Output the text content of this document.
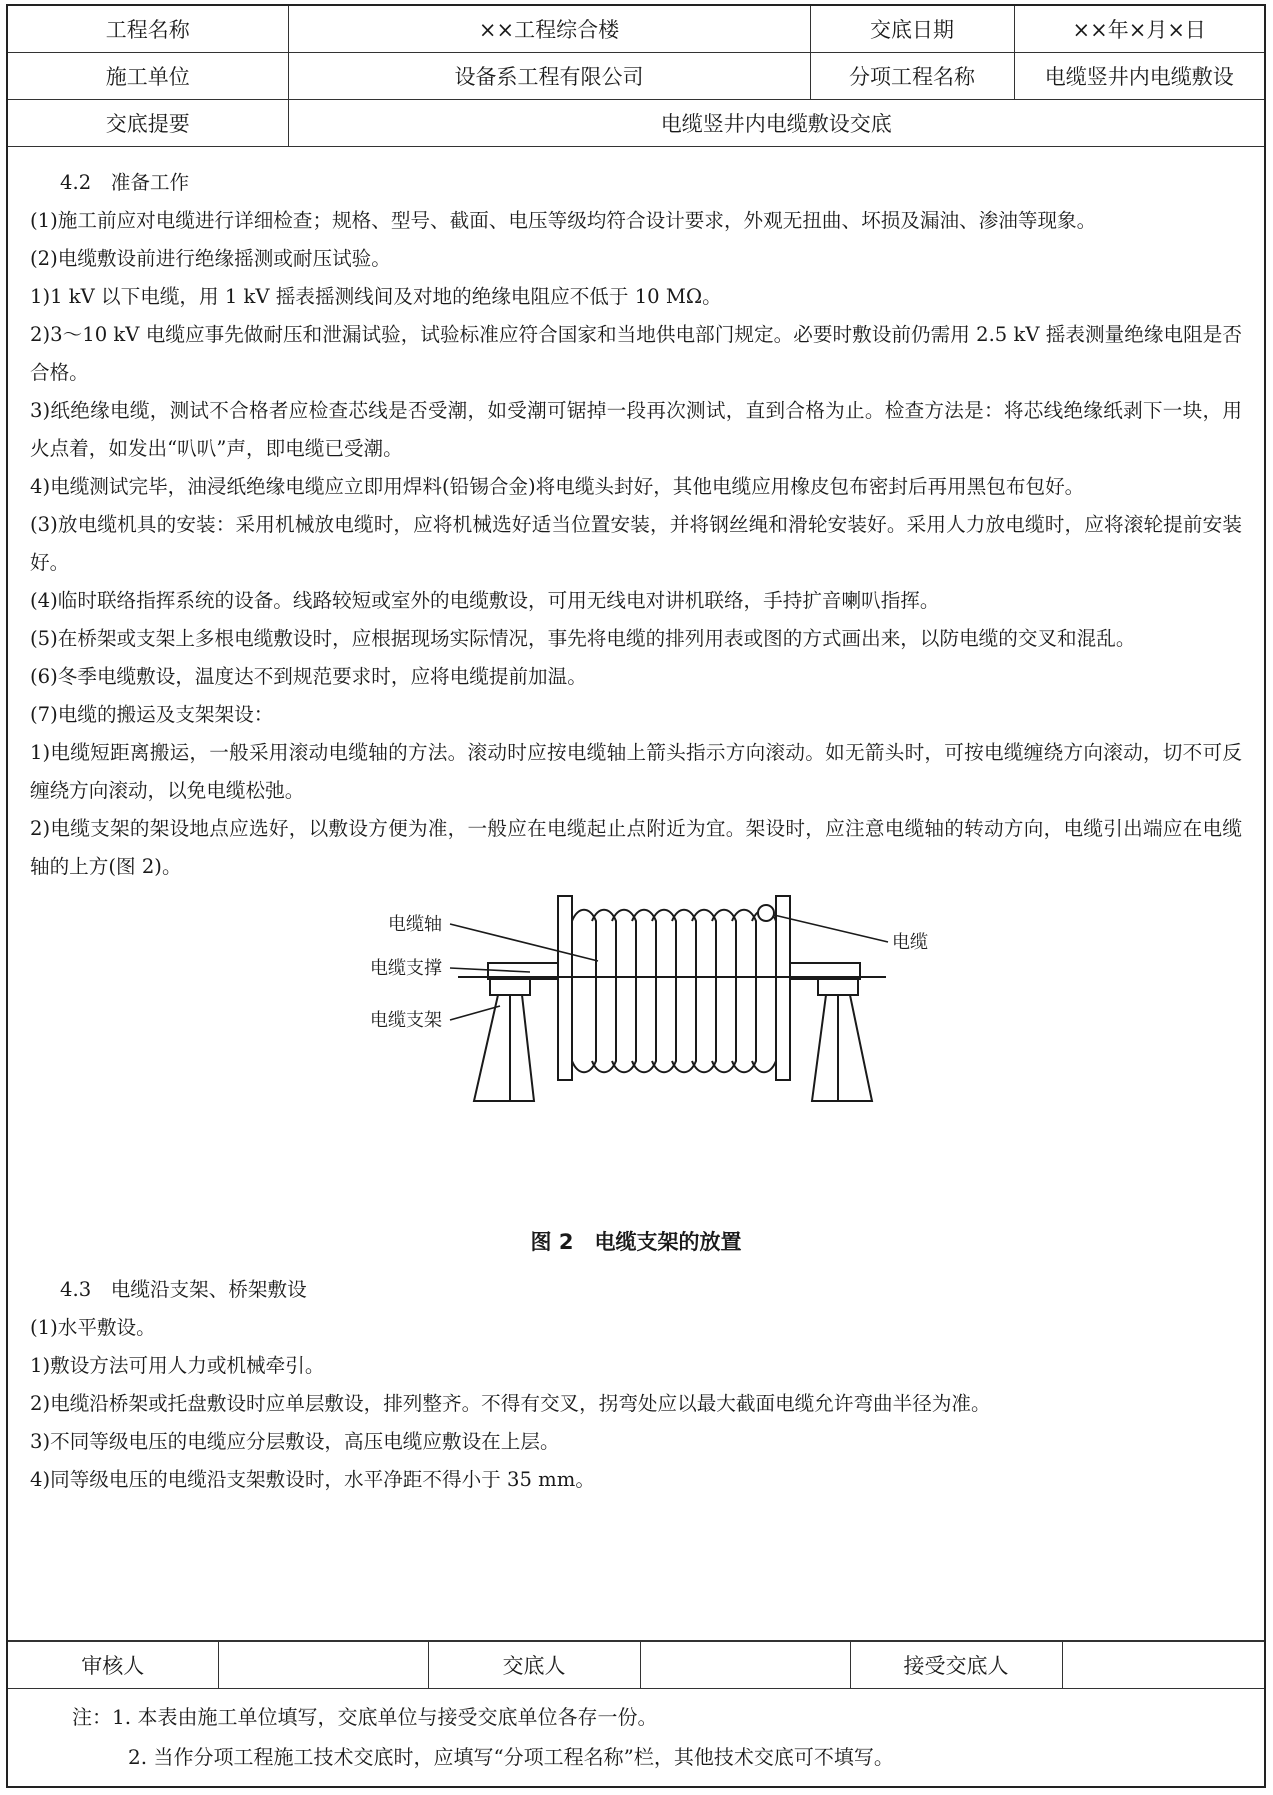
工程名称	××工程综合楼	交底日期	××年×月×日
施工单位	设备系工程有限公司	分项工程名称	电缆竖井内电缆敷设
交底提要	电缆竖井内电缆敷设交底		

4.2　准备工作

(1)施工前应对电缆进行详细检查；规格、型号、截面、电压等级均符合设计要求，外观无扭曲、坏损及漏油、渗油等现象。

(2)电缆敷设前进行绝缘摇测或耐压试验。

1)1 kV 以下电缆，用 1 kV 摇表摇测线间及对地的绝缘电阻应不低于 10 MΩ。

2)3～10 kV 电缆应事先做耐压和泄漏试验，试验标准应符合国家和当地供电部门规定。必要时敷设前仍需用 2.5 kV 摇表测量绝缘电阻是否合格。

3)纸绝缘电缆，测试不合格者应检查芯线是否受潮，如受潮可锯掉一段再次测试，直到合格为止。检查方法是：将芯线绝缘纸剥下一块，用火点着，如发出“叭叭”声，即电缆已受潮。

4)电缆测试完毕，油浸纸绝缘电缆应立即用焊料(铅锡合金)将电缆头封好，其他电缆应用橡皮包布密封后再用黑包布包好。

(3)放电缆机具的安装：采用机械放电缆时，应将机械选好适当位置安装，并将钢丝绳和滑轮安装好。采用人力放电缆时，应将滚轮提前安装好。

(4)临时联络指挥系统的设备。线路较短或室外的电缆敷设，可用无线电对讲机联络，手持扩音喇叭指挥。

(5)在桥架或支架上多根电缆敷设时，应根据现场实际情况，事先将电缆的排列用表或图的方式画出来，以防电缆的交叉和混乱。

(6)冬季电缆敷设，温度达不到规范要求时，应将电缆提前加温。

(7)电缆的搬运及支架架设：

1)电缆短距离搬运，一般采用滚动电缆轴的方法。滚动时应按电缆轴上箭头指示方向滚动。如无箭头时，可按电缆缠绕方向滚动，切不可反缠绕方向滚动，以免电缆松弛。

2)电缆支架的架设地点应选好，以敷设方便为准，一般应在电缆起止点附近为宜。架设时，应注意电缆轴的转动方向，电缆引出端应在电缆轴的上方(图 2)。

电缆轴
电缆支撑
电缆支架
电缆
图 2　电缆支架的放置

4.3　电缆沿支架、桥架敷设

(1)水平敷设。

1)敷设方法可用人力或机械牵引。

2)电缆沿桥架或托盘敷设时应单层敷设，排列整齐。不得有交叉，拐弯处应以最大截面电缆允许弯曲半径为准。

3)不同等级电压的电缆应分层敷设，高压电缆应敷设在上层。

4)同等级电压的电缆沿支架敷设时，水平净距不得小于 35 mm。

审核人		交底人		接受交底人	

注：1. 本表由施工单位填写，交底单位与接受交底单位各存一份。

2. 当作分项工程施工技术交底时，应填写“分项工程名称”栏，其他技术交底可不填写。
